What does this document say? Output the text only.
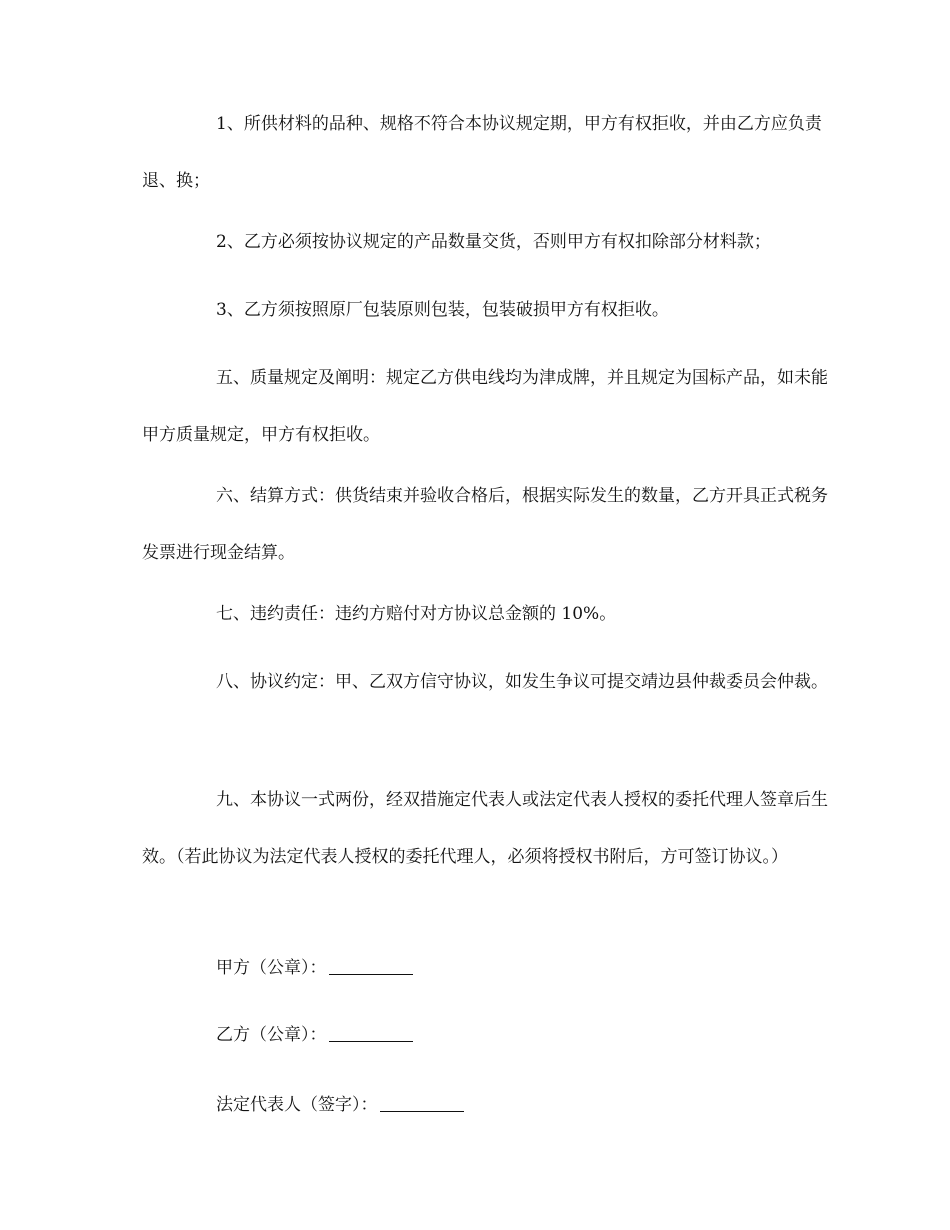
1、所供材料的品种、规格不符合本协议规定期，甲方有权拒收，并由乙方应负责退、换；
2、乙方必须按协议规定的产品数量交货，否则甲方有权扣除部分材料款；
3、乙方须按照原厂包装原则包装，包装破损甲方有权拒收。
五、质量规定及阐明：规定乙方供电线均为津成牌，并且规定为国标产品，如未能甲方质量规定，甲方有权拒收。
六、结算方式：供货结束并验收合格后，根据实际发生的数量，乙方开具正式税务发票进行现金结算。
七、违约责任：违约方赔付对方协议总金额的 10%。
八、协议约定：甲、乙双方信守协议，如发生争议可提交靖边县仲裁委员会仲裁。
九、本协议一式两份，经双措施定代表人或法定代表人授权的委托代理人签章后生效。（若此协议为法定代表人授权的委托代理人，必须将授权书附后，方可签订协议。）
甲方（公章）：
乙方（公章）：
法定代表人（签字）：
